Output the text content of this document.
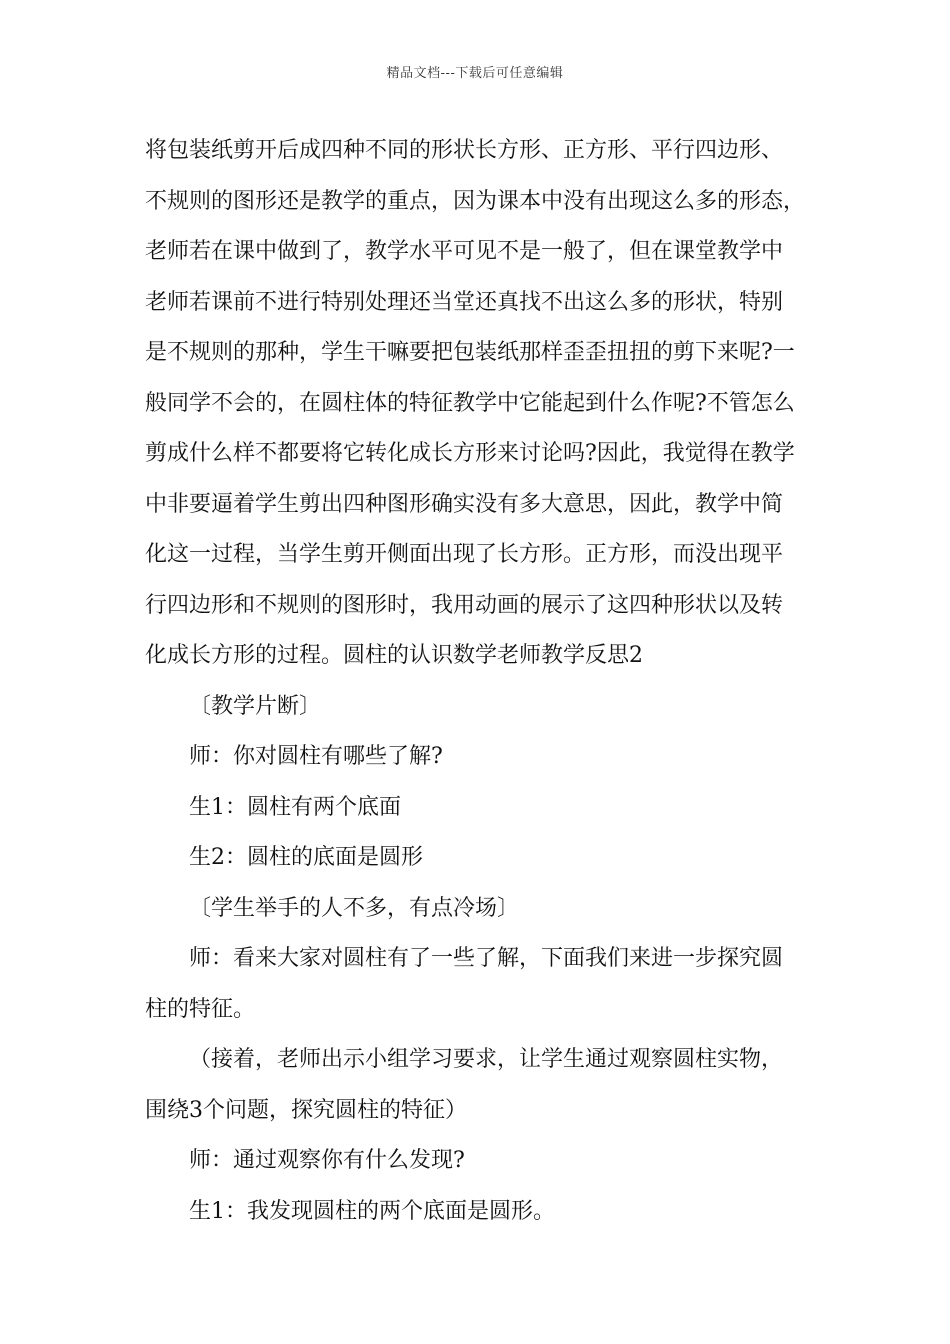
精品文档---下载后可任意编辑

将包装纸剪开后成四种不同的形状长方形、正方形、平行四边形、
不规则的图形还是教学的重点，因为课本中没有出现这么多的形态，
老师若在课中做到了，教学水平可见不是一般了，但在课堂教学中
老师若课前不进行特别处理还当堂还真找不出这么多的形状，特别
是不规则的那种，学生干嘛要把包装纸那样歪歪扭扭的剪下来呢?一
般同学不会的，在圆柱体的特征教学中它能起到什么作呢?不管怎么
剪成什么样不都要将它转化成长方形来讨论吗?因此，我觉得在教学
中非要逼着学生剪出四种图形确实没有多大意思，因此，教学中简
化这一过程，当学生剪开侧面出现了长方形。正方形，而没出现平
行四边形和不规则的图形时，我用动画的展示了这四种形状以及转
化成长方形的过程。圆柱的认识数学老师教学反思2

〔教学片断〕

师：你对圆柱有哪些了解?

生1：圆柱有两个底面

生2：圆柱的底面是圆形

〔学生举手的人不多，有点冷场〕

师：看来大家对圆柱有了一些了解，下面我们来进一步探究圆
柱的特征。

（接着，老师出示小组学习要求，让学生通过观察圆柱实物，
围绕3个问题，探究圆柱的特征）

师：通过观察你有什么发现?

生1：我发现圆柱的两个底面是圆形。
